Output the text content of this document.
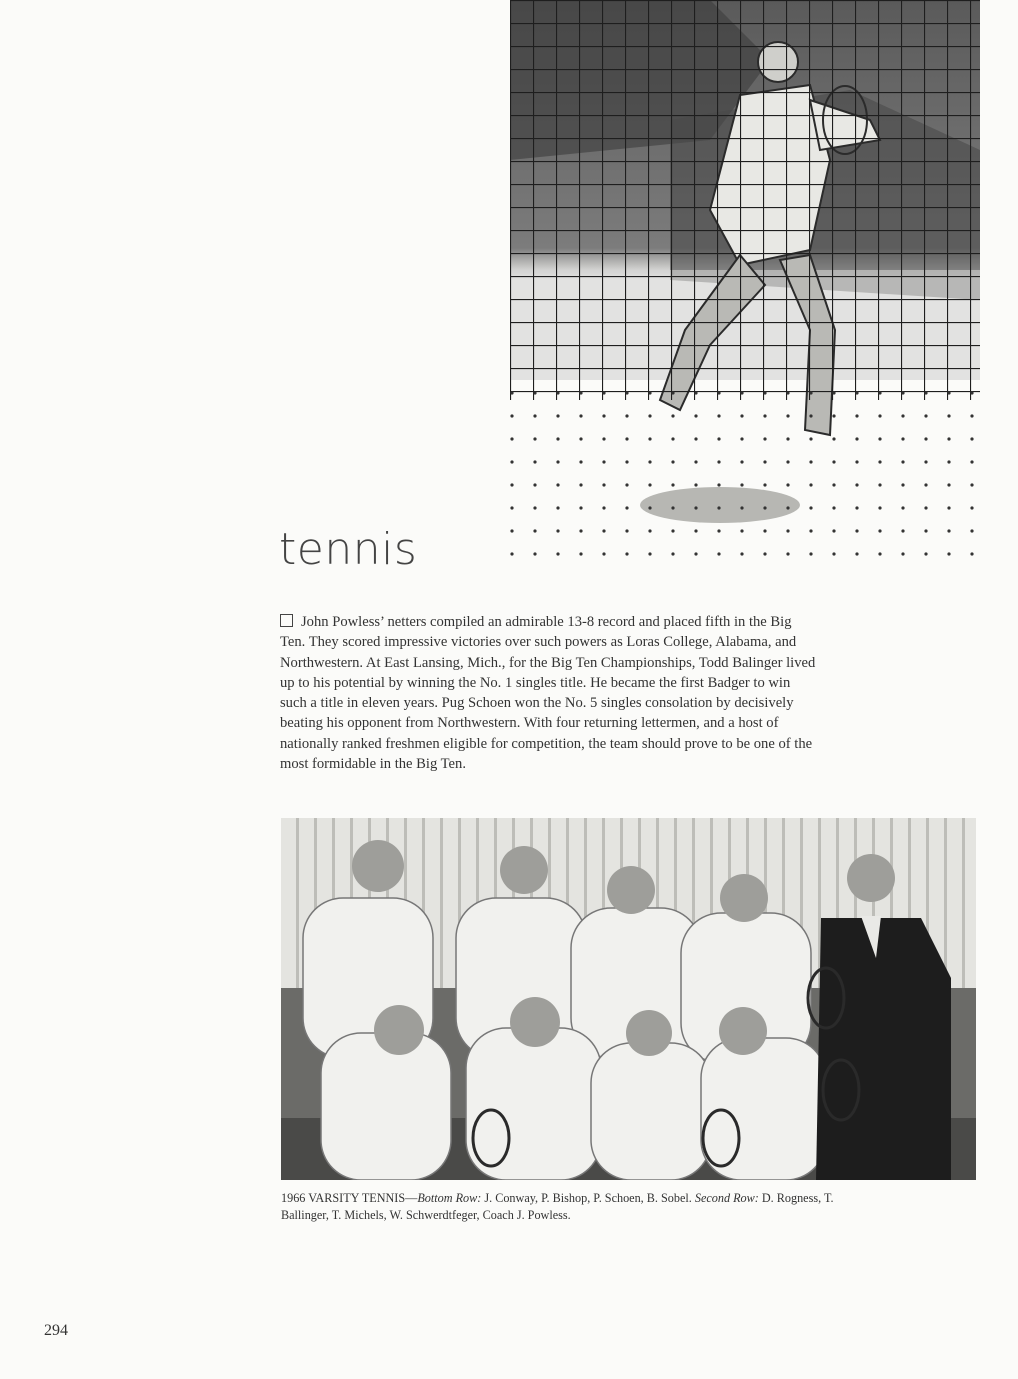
tennis

John Powless’ netters compiled an admirable 13-8 record and placed fifth in the Big Ten. They scored impressive victories over such powers as Loras College, Alabama, and Northwestern. At East Lansing, Mich., for the Big Ten Championships, Todd Balinger lived up to his potential by winning the No. 1 singles title. He became the first Badger to win such a title in eleven years. Pug Schoen won the No. 5 singles consolation by decisively beating his opponent from Northwestern. With four returning lettermen, and a host of nationally ranked freshmen eligible for competition, the team should prove to be one of the most formidable in the Big Ten.

1966 VARSITY TENNIS—Bottom Row: J. Conway, P. Bishop, P. Schoen, B. Sobel. Second Row: D. Rogness, T. Ballinger, T. Michels, W. Schwerdtfeger, Coach J. Powless.

294
